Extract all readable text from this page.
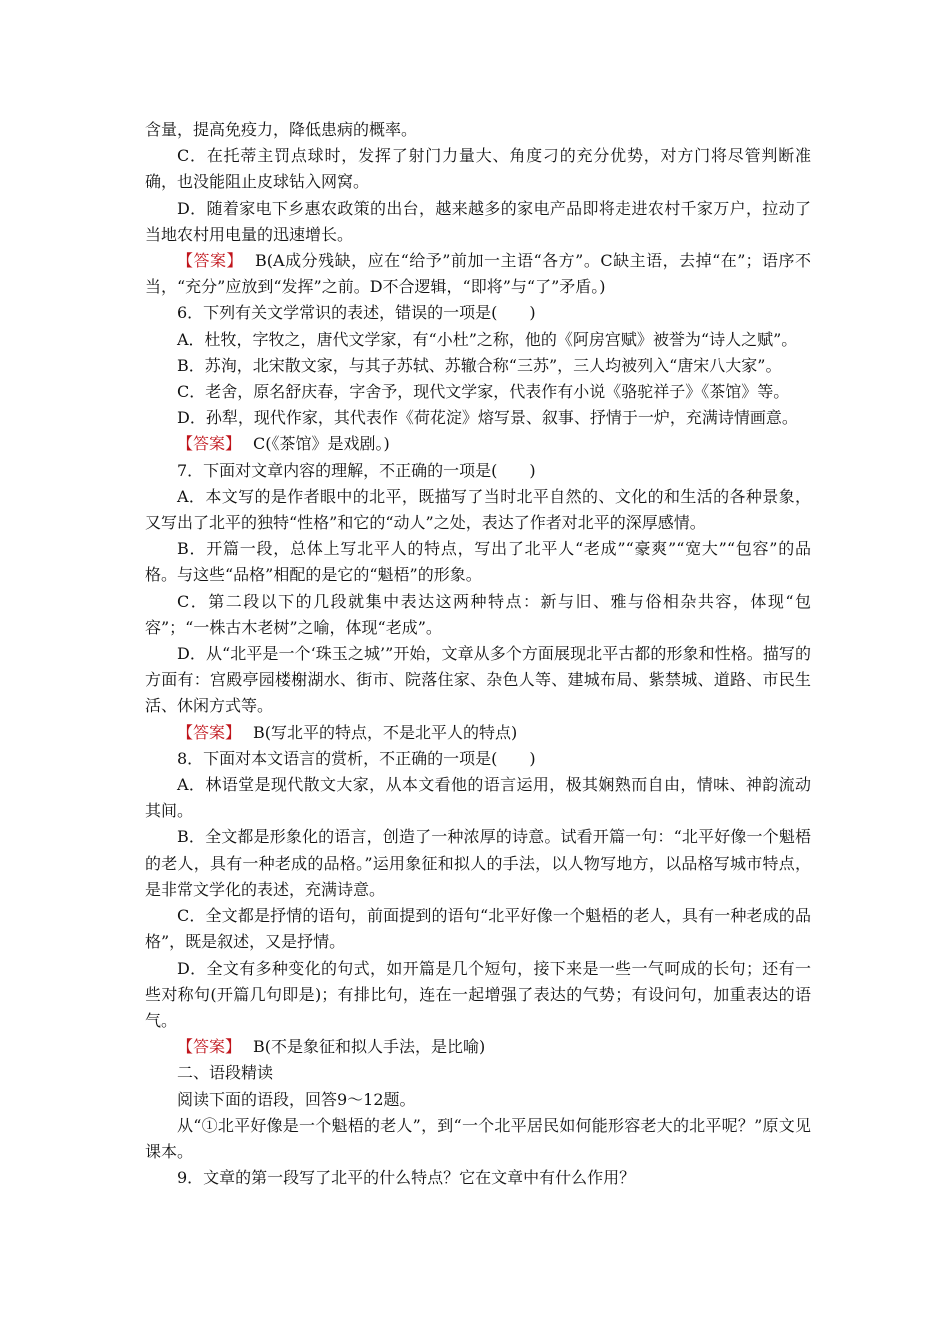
含量，提高免疫力，降低患病的概率。

C．在托蒂主罚点球时，发挥了射门力量大、角度刁的充分优势，对方门将尽管判断准确，也没能阻止皮球钻入网窝。

D．随着家电下乡惠农政策的出台，越来越多的家电产品即将走进农村千家万户，拉动了当地农村用电量的迅速增长。

【答案】 B(A成分残缺，应在“给予”前加一主语“各方”。C缺主语，去掉“在”；语序不当，“充分”应放到“发挥”之前。D不合逻辑，“即将”与“了”矛盾。)

6．下列有关文学常识的表述，错误的一项是(　　)

A．杜牧，字牧之，唐代文学家，有“小杜”之称，他的《阿房宫赋》被誉为“诗人之赋”。

B．苏洵，北宋散文家，与其子苏轼、苏辙合称“三苏”，三人均被列入“唐宋八大家”。

C．老舍，原名舒庆春，字舍予，现代文学家，代表作有小说《骆驼祥子》《茶馆》等。

D．孙犁，现代作家，其代表作《荷花淀》熔写景、叙事、抒情于一炉，充满诗情画意。

【答案】 C(《茶馆》是戏剧。)

7．下面对文章内容的理解，不正确的一项是(　　)

A．本文写的是作者眼中的北平，既描写了当时北平自然的、文化的和生活的各种景象，又写出了北平的独特“性格”和它的“动人”之处，表达了作者对北平的深厚感情。

B．开篇一段，总体上写北平人的特点，写出了北平人“老成”“豪爽”“宽大”“包容”的品格。与这些“品格”相配的是它的“魁梧”的形象。

C．第二段以下的几段就集中表达这两种特点：新与旧、雅与俗相杂共容，体现“包容”；“一株古木老树”之喻，体现“老成”。

D．从“北平是一个‘珠玉之城’”开始，文章从多个方面展现北平古都的形象和性格。描写的方面有：宫殿亭园楼榭湖水、街市、院落住家、杂色人等、建城布局、紫禁城、道路、市民生活、休闲方式等。

【答案】 B(写北平的特点，不是北平人的特点)

8．下面对本文语言的赏析，不正确的一项是(　　)

A．林语堂是现代散文大家，从本文看他的语言运用，极其娴熟而自由，情味、神韵流动其间。

B．全文都是形象化的语言，创造了一种浓厚的诗意。试看开篇一句：“北平好像一个魁梧的老人，具有一种老成的品格。”运用象征和拟人的手法，以人物写地方，以品格写城市特点，是非常文学化的表述，充满诗意。

C．全文都是抒情的语句，前面提到的语句“北平好像一个魁梧的老人，具有一种老成的品格”，既是叙述，又是抒情。

D．全文有多种变化的句式，如开篇是几个短句，接下来是一些一气呵成的长句；还有一些对称句(开篇几句即是)；有排比句，连在一起增强了表达的气势；有设问句，加重表达的语气。

【答案】 B(不是象征和拟人手法，是比喻)

二、语段精读

阅读下面的语段，回答9～12题。

从“①北平好像是一个魁梧的老人”，到“一个北平居民如何能形容老大的北平呢？”原文见课本。

9．文章的第一段写了北平的什么特点？它在文章中有什么作用？
